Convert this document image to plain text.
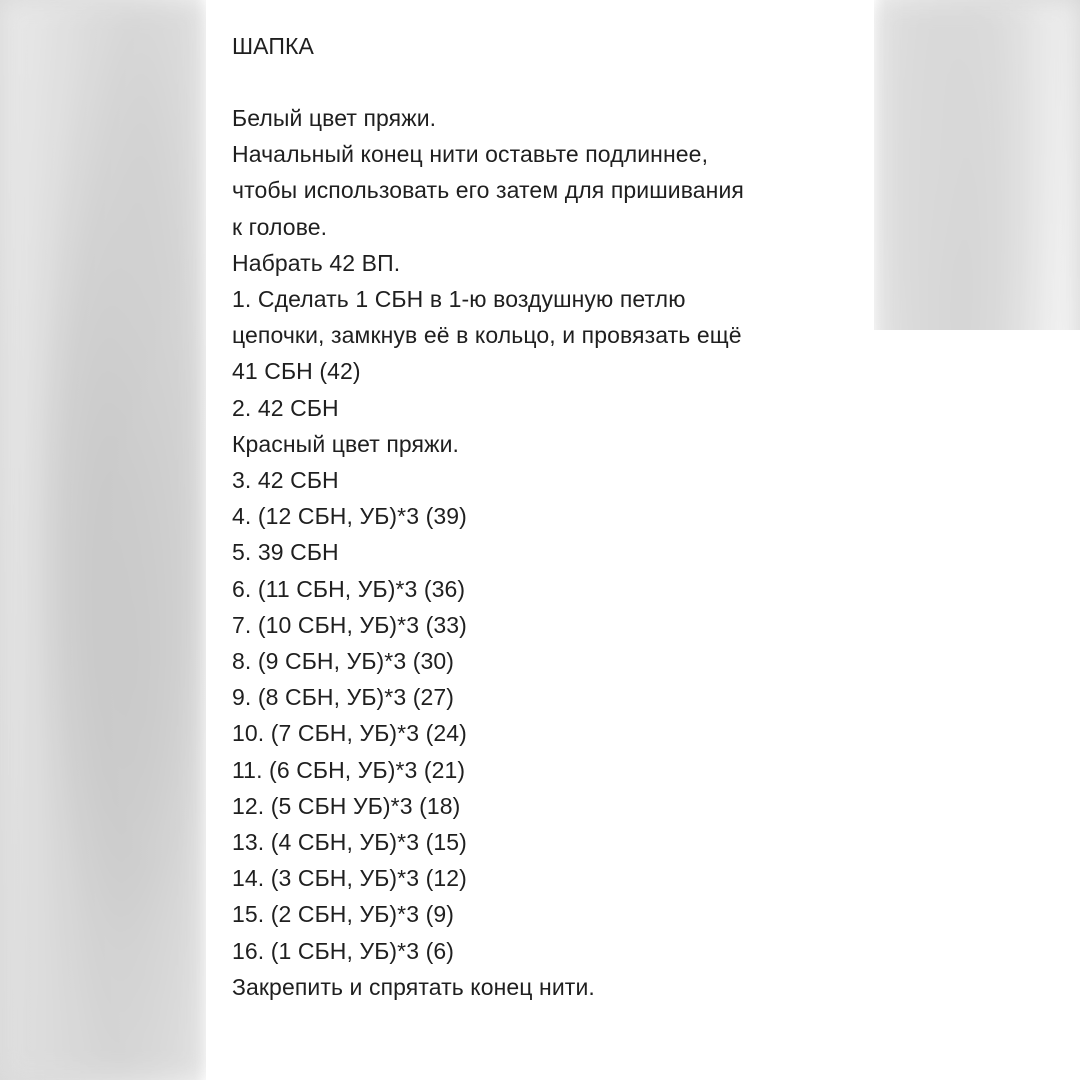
ШАПКА
Белый цвет пряжи.
Начальный конец нити оставьте подлиннее,
чтобы использовать его затем для пришивания
к голове.
Набрать 42 ВП.
1. Сделать 1 СБН в 1-ю воздушную петлю
цепочки, замкнув её в кольцо, и провязать ещё
41 СБН (42)
2. 42 СБН
Красный цвет пряжи.
3. 42 СБН
4. (12 СБН, УБ)*3 (39)
5. 39 СБН
6. (11 СБН, УБ)*3 (36)
7. (10 СБН, УБ)*3 (33)
8. (9 СБН, УБ)*3 (30)
9. (8 СБН, УБ)*3 (27)
10. (7 СБН, УБ)*3 (24)
11. (6 СБН, УБ)*3 (21)
12. (5 СБН УБ)*3 (18)
13. (4 СБН, УБ)*3 (15)
14. (3 СБН, УБ)*3 (12)
15. (2 СБН, УБ)*3 (9)
16. (1 СБН, УБ)*3 (6)
Закрепить и спрятать конец нити.
